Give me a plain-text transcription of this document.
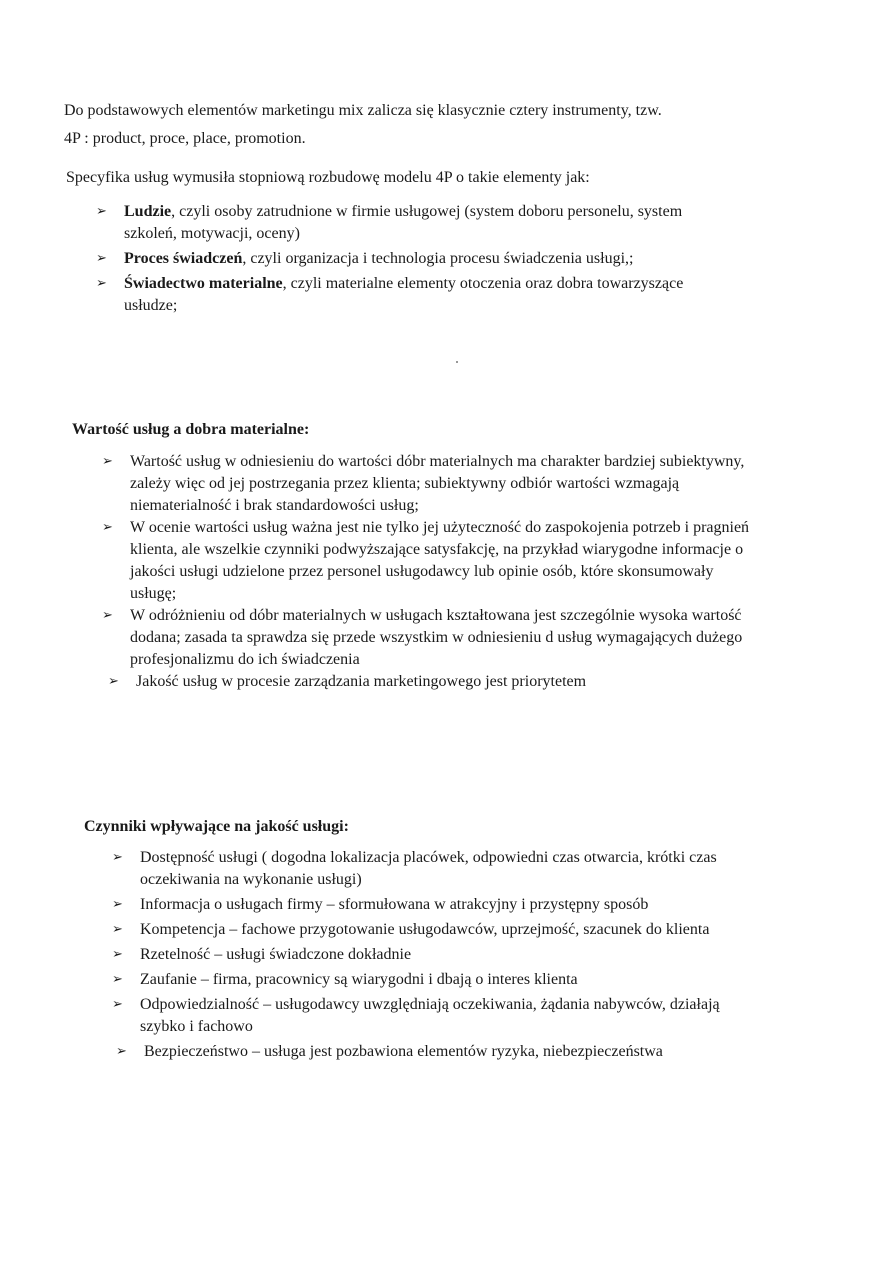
Do podstawowych elementów marketingu mix zalicza się klasycznie cztery instrumenty, tzw.

4P : product, proce, place, promotion.

Specyfika usług wymusiła stopniową rozbudowę modelu 4P o takie elementy jak:

➢ Ludzie, czyli osoby zatrudnione w firmie usługowej (system doboru personelu, system szkoleń, motywacji, oceny)
➢ Proces świadczeń, czyli organizacja i technologia procesu świadczenia usługi,;
➢ Świadectwo materialne, czyli materialne elementy otoczenia oraz dobra towarzyszące usłudze;
Wartość usług a dobra materialne:
➢ Wartość usług w odniesieniu do wartości dóbr materialnych ma charakter bardziej subiektywny, zależy więc od jej postrzegania przez klienta; subiektywny odbiór wartości wzmagają niematerialność i brak standardowości usług;
➢ W ocenie wartości usług ważna jest nie tylko jej użyteczność do zaspokojenia potrzeb i pragnień klienta, ale wszelkie czynniki podwyższające satysfakcję, na przykład wiarygodne informacje o jakości usługi udzielone przez personel usługodawcy lub opinie osób, które skonsumowały usługę;
➢ W odróżnieniu od dóbr materialnych w usługach kształtowana jest szczególnie wysoka wartość dodana; zasada ta sprawdza się przede wszystkim w odniesieniu d usług wymagających dużego profesjonalizmu do ich świadczenia
➢ Jakość usług w procesie zarządzania marketingowego jest priorytetem
Czynniki wpływające na jakość usługi:
➢ Dostępność usługi ( dogodna lokalizacja placówek, odpowiedni czas otwarcia, krótki czas oczekiwania na wykonanie usługi)
➢ Informacja o usługach firmy – sformułowana w atrakcyjny i przystępny sposób
➢ Kompetencja – fachowe przygotowanie usługodawców, uprzejmość, szacunek do klienta
➢ Rzetelność – usługi świadczone dokładnie
➢ Zaufanie – firma, pracownicy są wiarygodni i dbają o interes klienta
➢ Odpowiedzialność – usługodawcy uwzględniają oczekiwania, żądania nabywców, działają szybko i fachowo
➢ Bezpieczeństwo – usługa jest pozbawiona elementów ryzyka, niebezpieczeństwa
